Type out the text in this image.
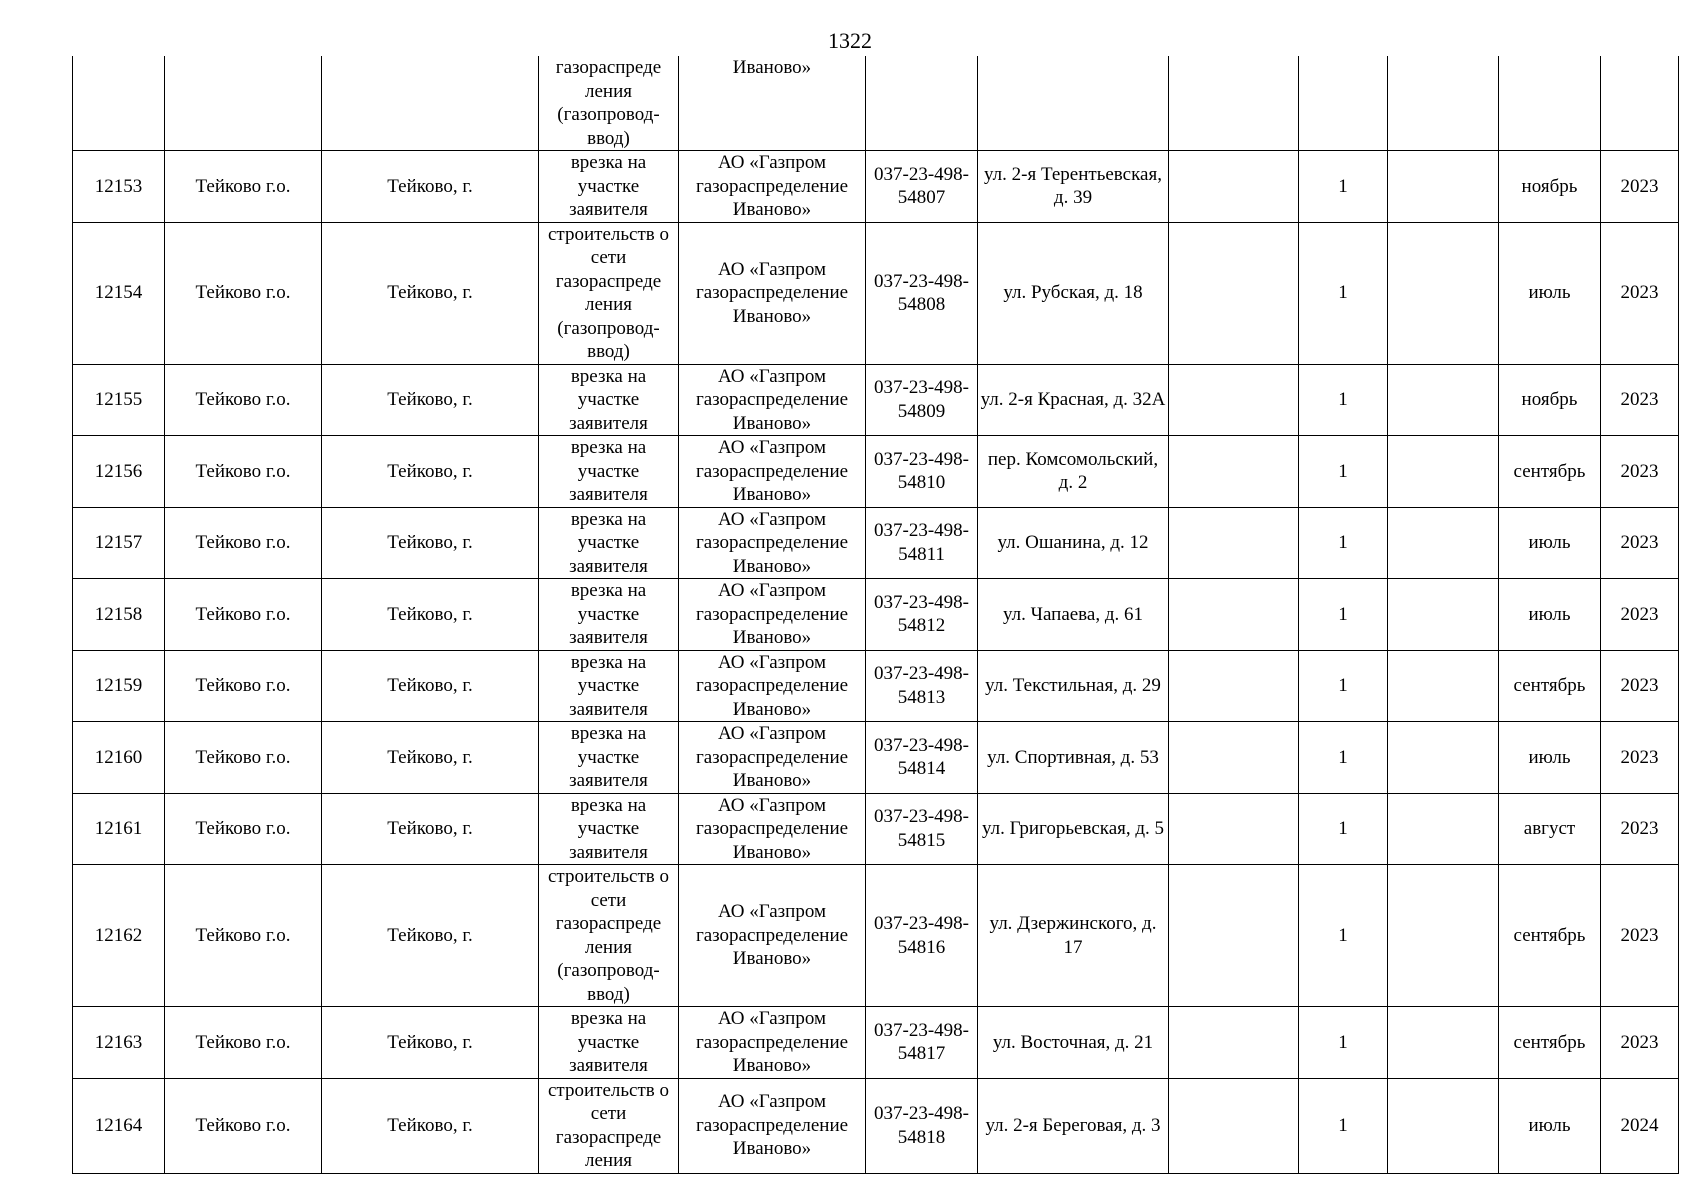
1322
			газораспреде ления (газопровод- ввод)	Иваново»							
12153	Тейково г.о.	Тейково, г.	врезка на участке заявителя	АО «Газпром газораспределение Иваново»	037-23-498-54807	ул. 2-я Терентьевская, д. 39		1		ноябрь	2023
12154	Тейково г.о.	Тейково, г.	строительств о сети газораспреде ления (газопровод- ввод)	АО «Газпром газораспределение Иваново»	037-23-498-54808	ул. Рубская, д. 18		1		июль	2023
12155	Тейково г.о.	Тейково, г.	врезка на участке заявителя	АО «Газпром газораспределение Иваново»	037-23-498-54809	ул. 2-я Красная, д. 32А		1		ноябрь	2023
12156	Тейково г.о.	Тейково, г.	врезка на участке заявителя	АО «Газпром газораспределение Иваново»	037-23-498-54810	пер. Комсомольский, д. 2		1		сентябрь	2023
12157	Тейково г.о.	Тейково, г.	врезка на участке заявителя	АО «Газпром газораспределение Иваново»	037-23-498-54811	ул. Ошанина, д. 12		1		июль	2023
12158	Тейково г.о.	Тейково, г.	врезка на участке заявителя	АО «Газпром газораспределение Иваново»	037-23-498-54812	ул. Чапаева, д. 61		1		июль	2023
12159	Тейково г.о.	Тейково, г.	врезка на участке заявителя	АО «Газпром газораспределение Иваново»	037-23-498-54813	ул. Текстильная, д. 29		1		сентябрь	2023
12160	Тейково г.о.	Тейково, г.	врезка на участке заявителя	АО «Газпром газораспределение Иваново»	037-23-498-54814	ул. Спортивная, д. 53		1		июль	2023
12161	Тейково г.о.	Тейково, г.	врезка на участке заявителя	АО «Газпром газораспределение Иваново»	037-23-498-54815	ул. Григорьевская, д. 5		1		август	2023
12162	Тейково г.о.	Тейково, г.	строительств о сети газораспреде ления (газопровод- ввод)	АО «Газпром газораспределение Иваново»	037-23-498-54816	ул. Дзержинского, д. 17		1		сентябрь	2023
12163	Тейково г.о.	Тейково, г.	врезка на участке заявителя	АО «Газпром газораспределение Иваново»	037-23-498-54817	ул. Восточная, д. 21		1		сентябрь	2023
12164	Тейково г.о.	Тейково, г.	строительств о сети газораспреде ления	АО «Газпром газораспределение Иваново»	037-23-498-54818	ул. 2-я Береговая, д. 3		1		июль	2024
